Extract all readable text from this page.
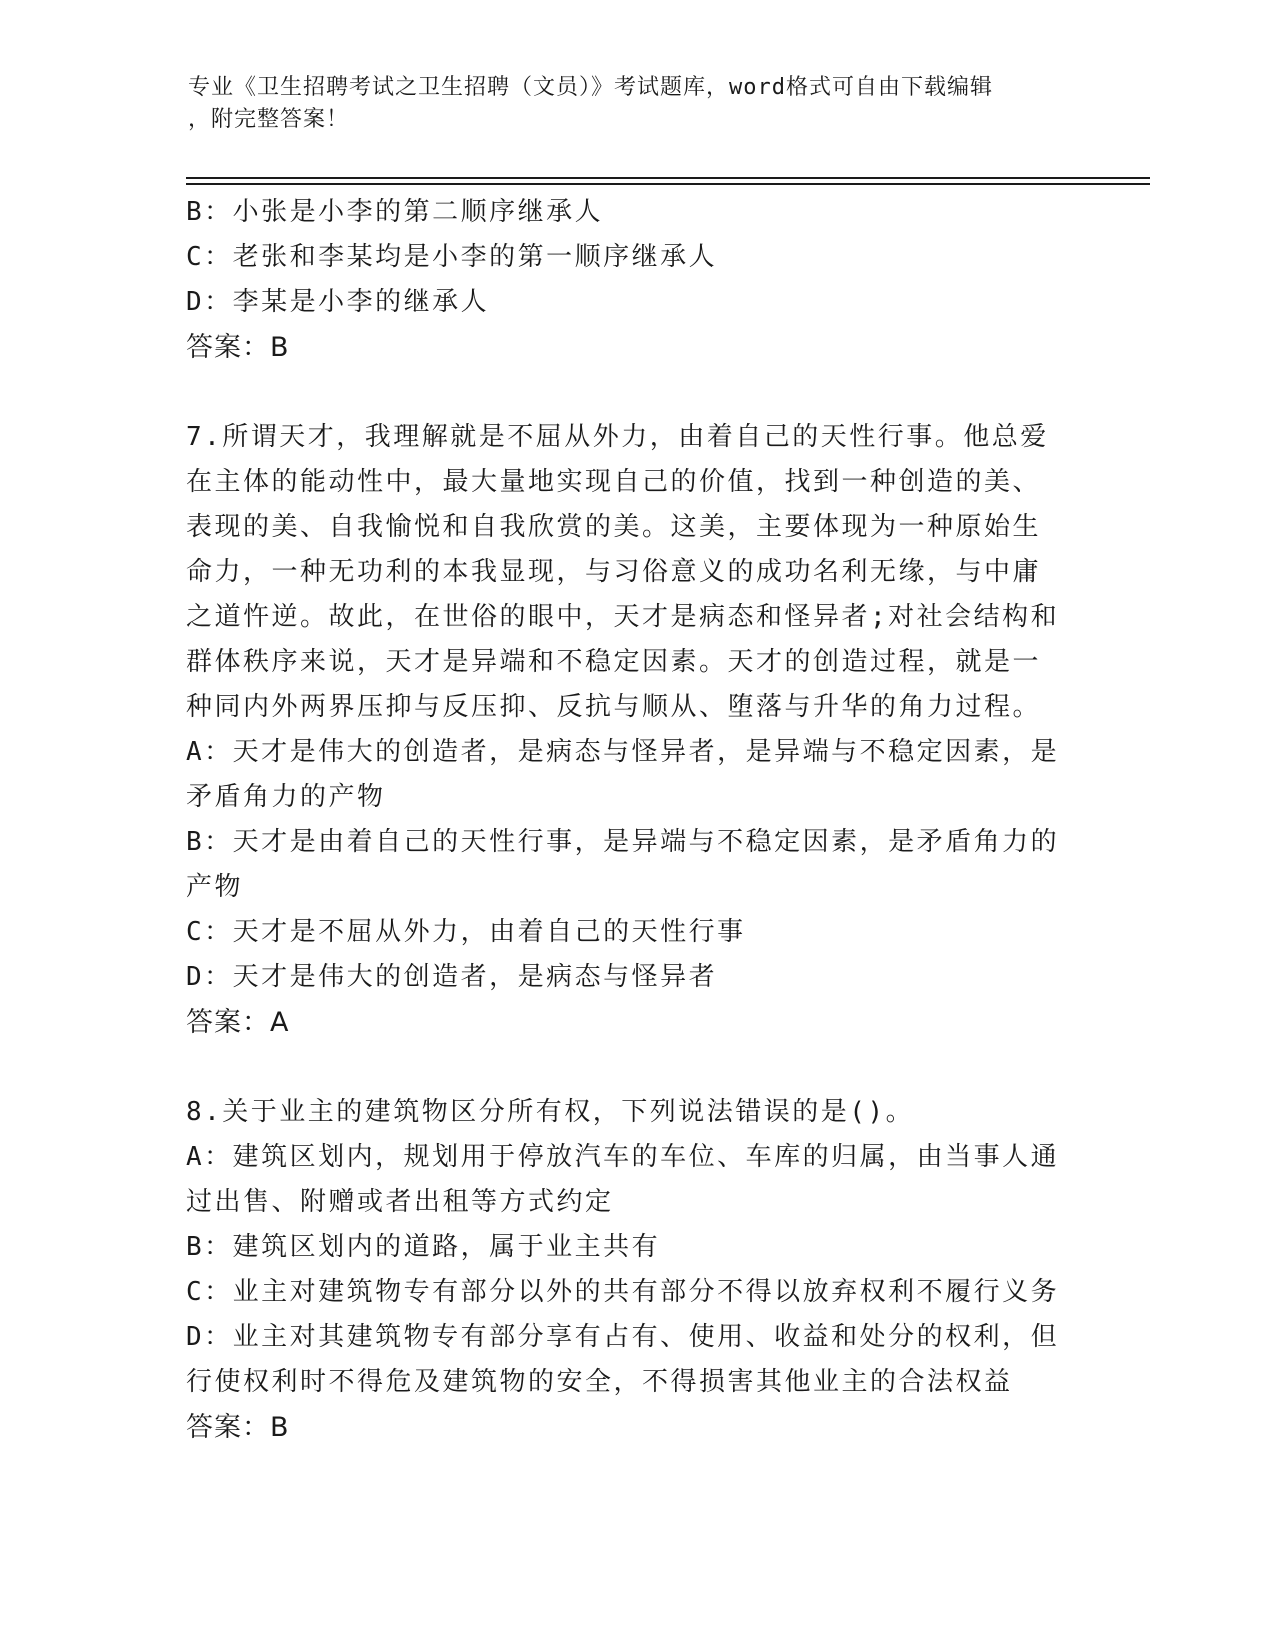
专业《卫生招聘考试之卫生招聘（文员）》考试题库，word格式可自由下载编辑
，附完整答案！
B：小张是小李的第二顺序继承人
C：老张和李某均是小李的第一顺序继承人
D：李某是小李的继承人
答案：B
7.所谓天才，我理解就是不屈从外力，由着自己的天性行事。他总爱
在主体的能动性中，最大量地实现自己的价值，找到一种创造的美、
表现的美、自我愉悦和自我欣赏的美。这美，主要体现为一种原始生
命力，一种无功利的本我显现，与习俗意义的成功名利无缘，与中庸
之道忤逆。故此，在世俗的眼中，天才是病态和怪异者;对社会结构和
群体秩序来说，天才是异端和不稳定因素。天才的创造过程，就是一
种同内外两界压抑与反压抑、反抗与顺从、堕落与升华的角力过程。
A：天才是伟大的创造者，是病态与怪异者，是异端与不稳定因素，是
矛盾角力的产物
B：天才是由着自己的天性行事，是异端与不稳定因素，是矛盾角力的
产物
C：天才是不屈从外力，由着自己的天性行事
D：天才是伟大的创造者，是病态与怪异者
答案：A
8.关于业主的建筑物区分所有权，下列说法错误的是()。
A：建筑区划内，规划用于停放汽车的车位、车库的归属，由当事人通
过出售、附赠或者出租等方式约定
B：建筑区划内的道路，属于业主共有
C：业主对建筑物专有部分以外的共有部分不得以放弃权利不履行义务
D：业主对其建筑物专有部分享有占有、使用、收益和处分的权利，但
行使权利时不得危及建筑物的安全，不得损害其他业主的合法权益
答案：B
